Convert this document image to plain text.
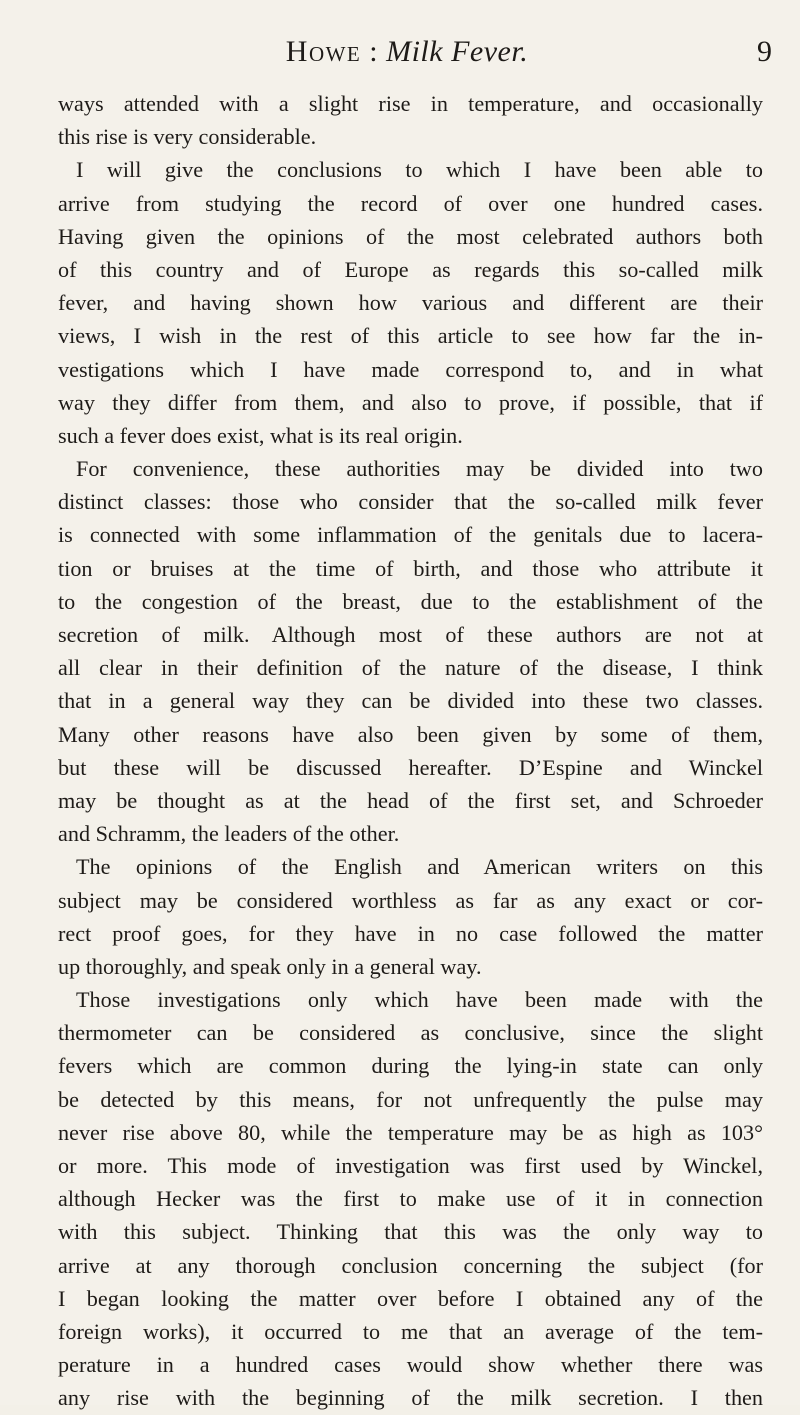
Howe : Milk Fever.	9
ways attended with a slight rise in temperature, and occasionally
this rise is very considerable.
I will give the conclusions to which I have been able to
arrive from studying the record of over one hundred cases.
Having given the opinions of the most celebrated authors both
of this country and of Europe as regards this so-called milk
fever, and having shown how various and different are their
views, I wish in the rest of this article to see how far the in-
vestigations which I have made correspond to, and in what
way they differ from them, and also to prove, if possible, that if
such a fever does exist, what is its real origin.
For convenience, these authorities may be divided into two
distinct classes: those who consider that the so-called milk fever
is connected with some inflammation of the genitals due to lacera-
tion or bruises at the time of birth, and those who attribute it
to the congestion of the breast, due to the establishment of the
secretion of milk. Although most of these authors are not at
all clear in their definition of the nature of the disease, I think
that in a general way they can be divided into these two classes.
Many other reasons have also been given by some of them,
but these will be discussed hereafter. D’Espine and Winckel
may be thought as at the head of the first set, and Schroeder
and Schramm, the leaders of the other.
The opinions of the English and American writers on this
subject may be considered worthless as far as any exact or cor-
rect proof goes, for they have in no case followed the matter
up thoroughly, and speak only in a general way.
Those investigations only which have been made with the
thermometer can be considered as conclusive, since the slight
fevers which are common during the lying-in state can only
be detected by this means, for not unfrequently the pulse may
never rise above 80, while the temperature may be as high as 103°
or more. This mode of investigation was first used by Winckel,
although Hecker was the first to make use of it in connection
with this subject. Thinking that this was the only way to
arrive at any thorough conclusion concerning the subject (for
I began looking the matter over before I obtained any of the
foreign works), it occurred to me that an average of the tem-
perature in a hundred cases would show whether there was
any rise with the beginning of the milk secretion. I then
